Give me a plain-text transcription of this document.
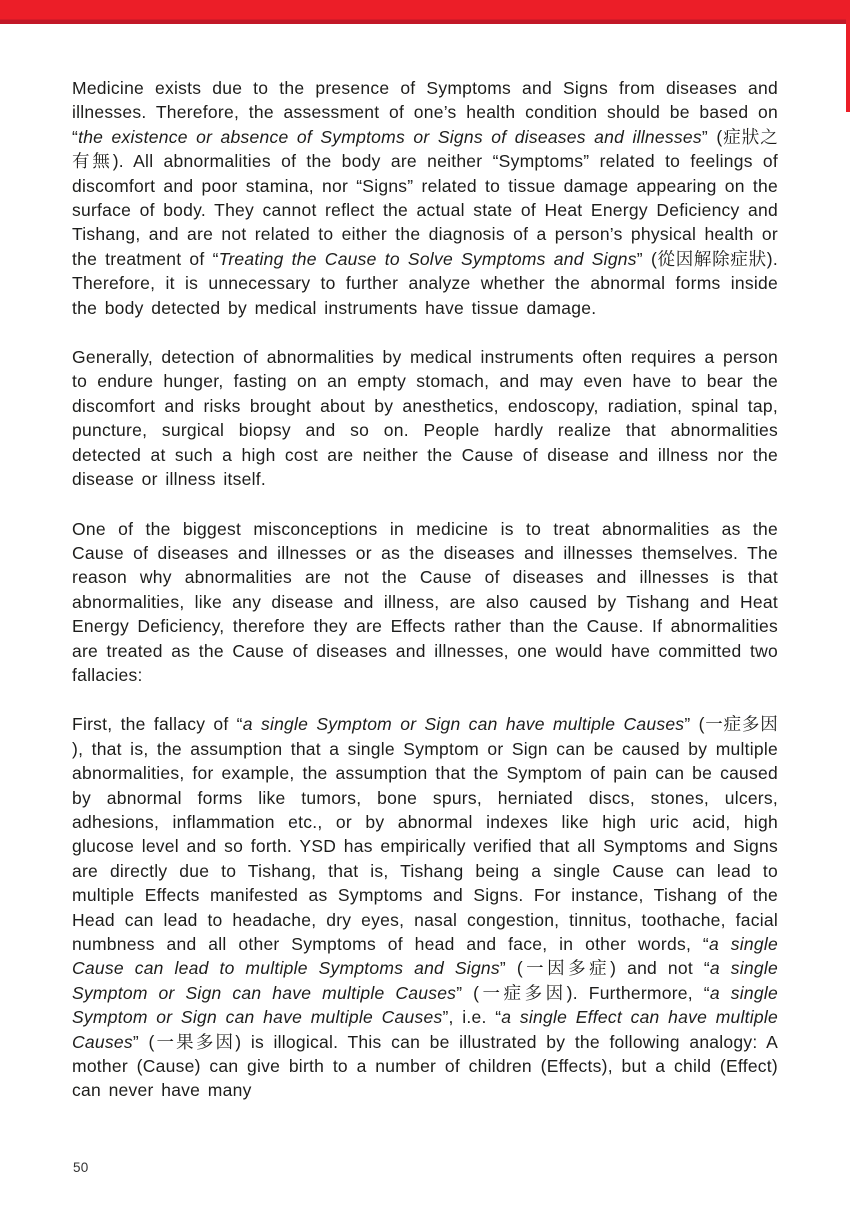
Medicine exists due to the presence of Symptoms and Signs from diseases and illnesses. Therefore, the assessment of one’s health condition should be based on “the existence or absence of Symptoms or Signs of diseases and illnesses” (症狀之有無). All abnormalities of the body are neither “Symptoms” related to feelings of discomfort and poor stamina, nor “Signs” related to tissue damage appearing on the surface of body. They cannot reflect the actual state of Heat Energy Deficiency and Tishang, and are not related to either the diagnosis of a person’s physical health or the treatment of “Treating the Cause to Solve Symptoms and Signs” (從因解除症狀). Therefore, it is unnecessary to further analyze whether the abnormal forms inside the body detected by medical instruments have tissue damage.

Generally, detection of abnormalities by medical instruments often requires a person to endure hunger, fasting on an empty stomach, and may even have to bear the discomfort and risks brought about by anesthetics, endoscopy, radiation, spinal tap, puncture, surgical biopsy and so on. People hardly realize that abnormalities detected at such a high cost are neither the Cause of disease and illness nor the disease or illness itself.

One of the biggest misconceptions in medicine is to treat abnormalities as the Cause of diseases and illnesses or as the diseases and illnesses themselves. The reason why abnormalities are not the Cause of diseases and illnesses is that abnormalities, like any disease and illness, are also caused by Tishang and Heat Energy Deficiency, therefore they are Effects rather than the Cause. If abnormalities are treated as the Cause of diseases and illnesses, one would have committed two fallacies:

First, the fallacy of “a single Symptom or Sign can have multiple Causes” (一症多因 ), that is, the assumption that a single Symptom or Sign can be caused by multiple abnormalities, for example, the assumption that the Symptom of pain can be caused by abnormal forms like tumors, bone spurs, herniated discs, stones, ulcers, adhesions, inflammation etc., or by abnormal indexes like high uric acid, high glucose level and so forth. YSD has empirically verified that all Symptoms and Signs are directly due to Tishang, that is, Tishang being a single Cause can lead to multiple Effects manifested as Symptoms and Signs. For instance, Tishang of the Head can lead to headache, dry eyes, nasal congestion, tinnitus, toothache, facial numbness and all other Symptoms of head and face, in other words, “a single Cause can lead to multiple Symptoms and Signs” (一因多症) and not “a single Symptom or Sign can have multiple Causes” (一症多因). Furthermore, “a single Symptom or Sign can have multiple Causes”, i.e. “a single Effect can have multiple Causes” (一果多因) is illogical. This can be illustrated by the following analogy: A mother (Cause) can give birth to a number of children (Effects), but a child (Effect) can never have many

50
